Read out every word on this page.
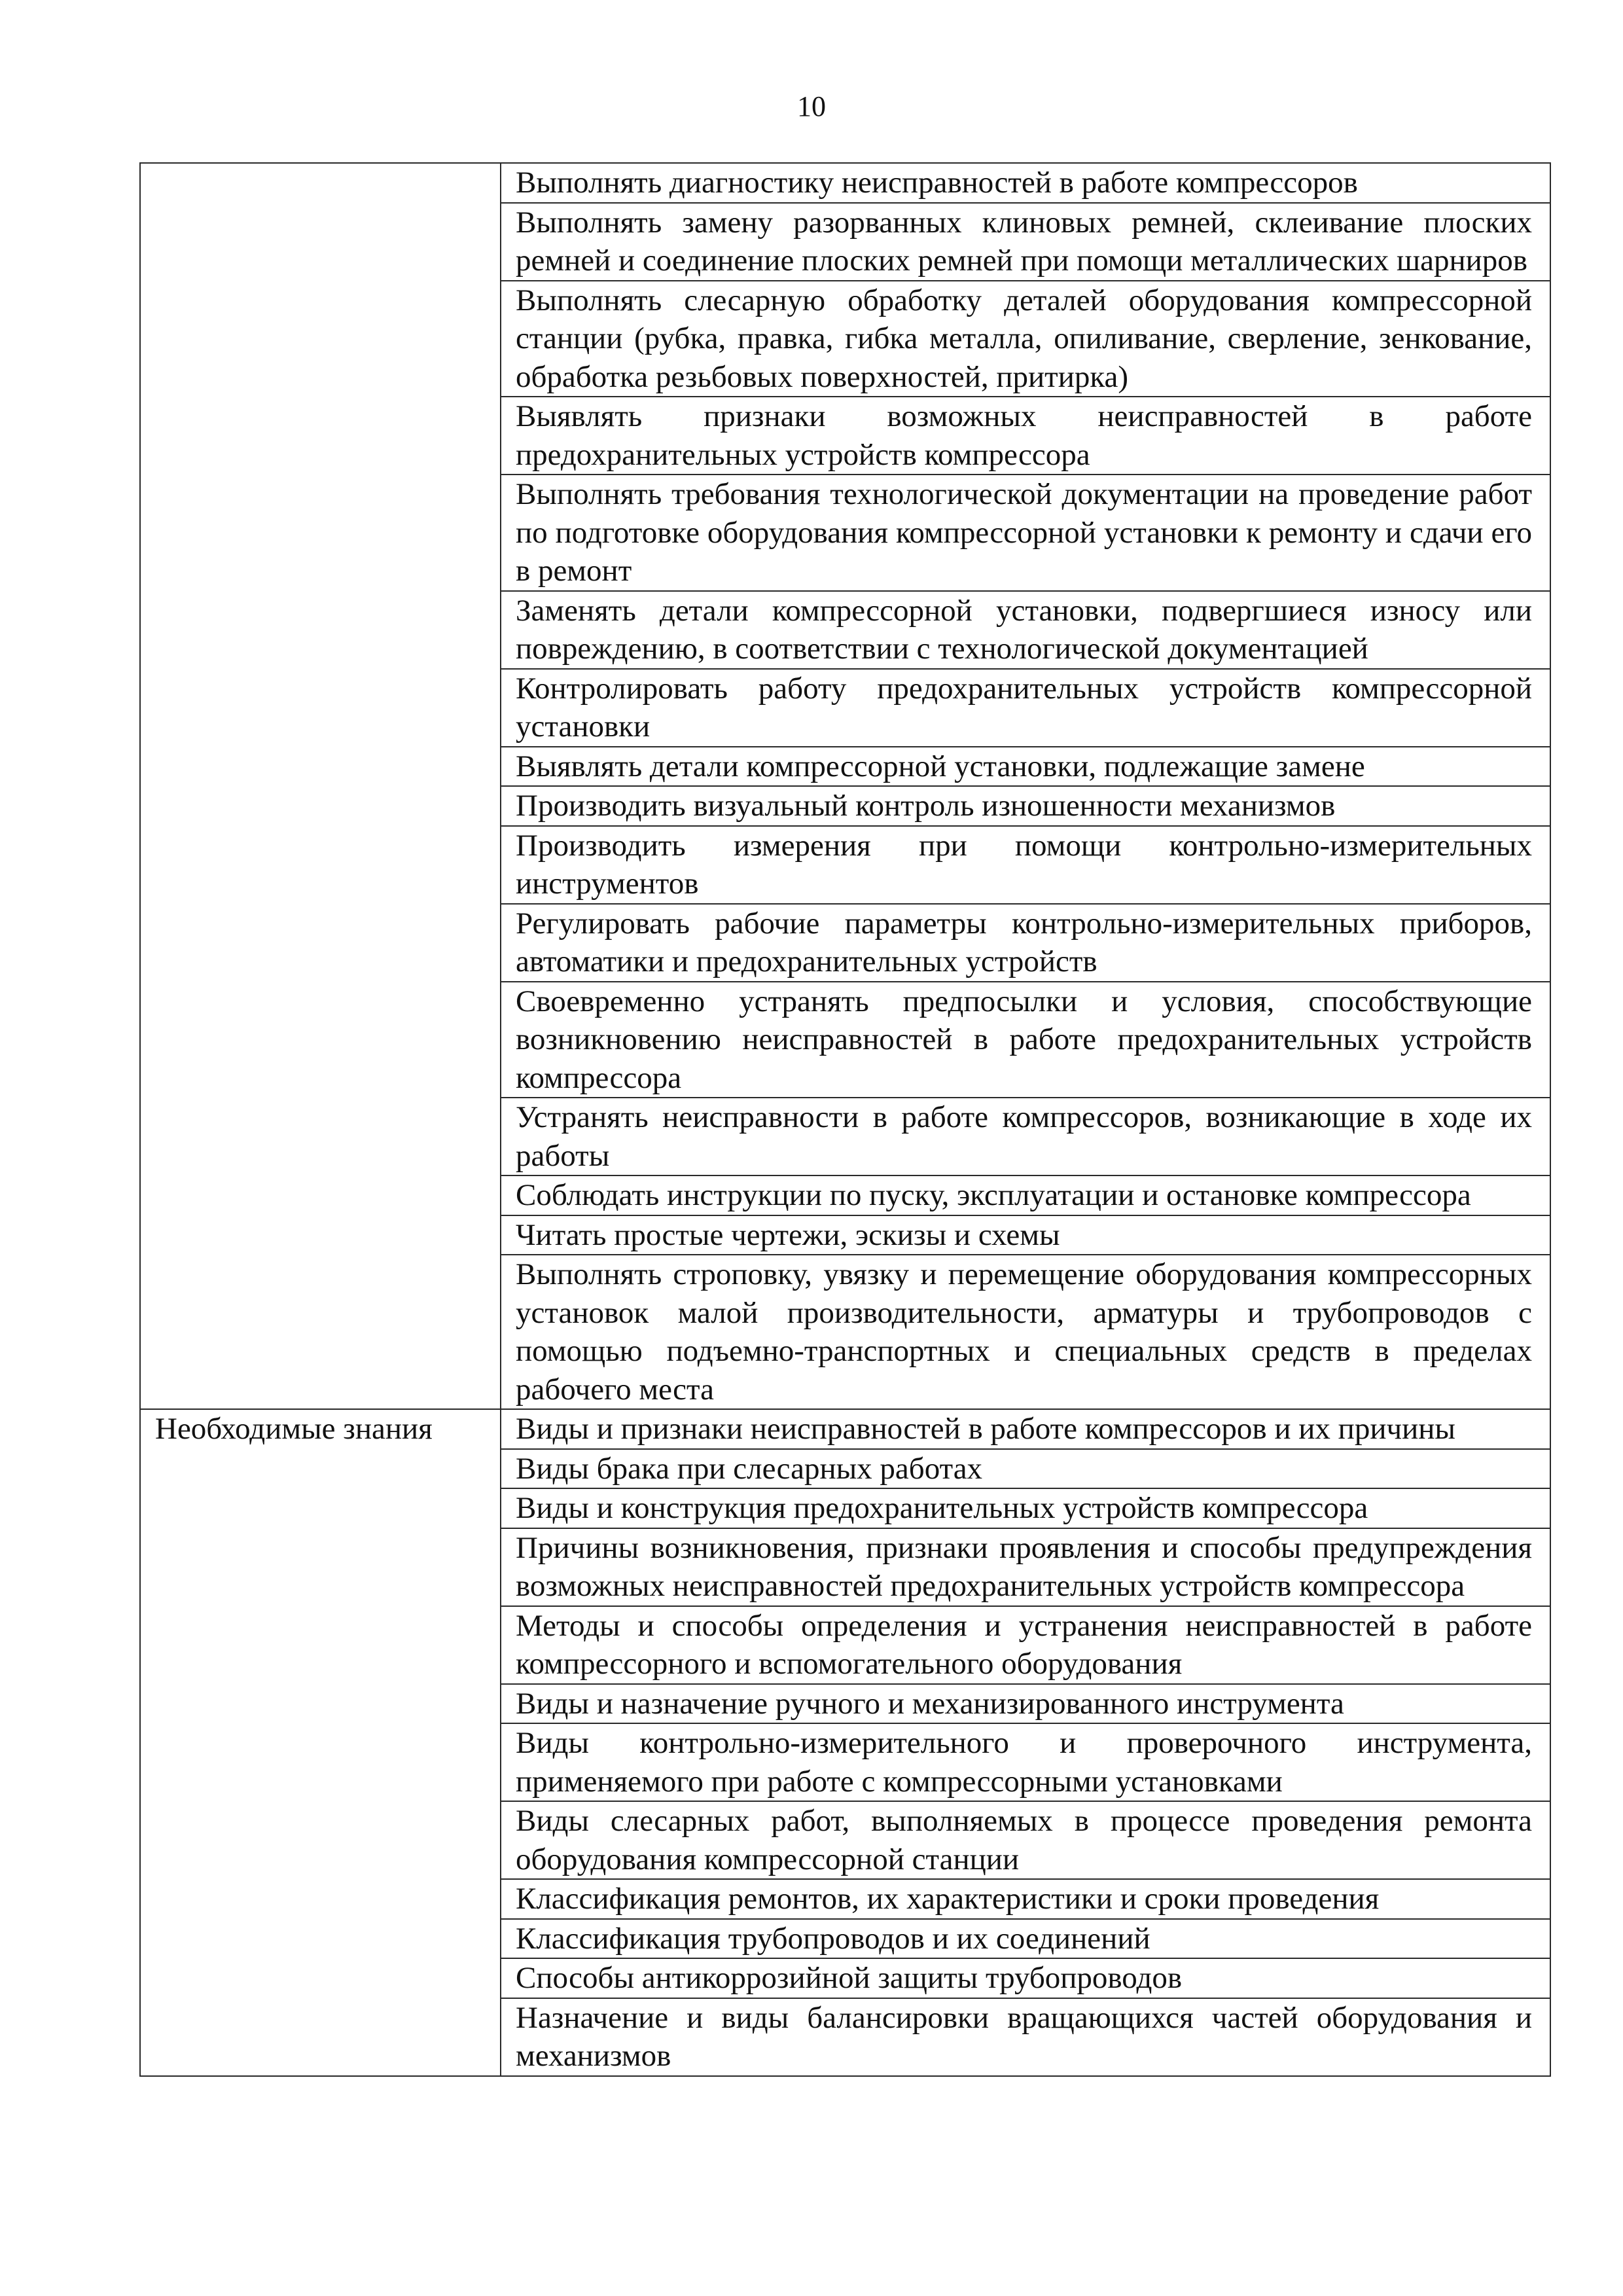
10
	Выполнять диагностику неисправностей в работе компрессоров
	Выполнять замену разорванных клиновых ремней, склеивание плоских ремней и соединение плоских ремней при помощи металлических шарниров
	Выполнять слесарную обработку деталей оборудования компрессорной станции (рубка, правка, гибка металла, опиливание, сверление, зенкование, обработка резьбовых поверхностей, притирка)
	Выявлять признаки возможных неисправностей в работе предохранительных устройств компрессора
	Выполнять требования технологической документации на проведение работ по подготовке оборудования компрессорной установки к ремонту и сдачи его в ремонт
	Заменять детали компрессорной установки, подвергшиеся износу или повреждению, в соответствии с технологической документацией
	Контролировать работу предохранительных устройств компрессорной установки
	Выявлять детали компрессорной установки, подлежащие замене
	Производить визуальный контроль изношенности механизмов
	Производить измерения при помощи контрольно-измерительных инструментов
	Регулировать рабочие параметры контрольно-измерительных приборов, автоматики и предохранительных устройств
	Своевременно устранять предпосылки и условия, способствующие возникновению неисправностей в работе предохранительных устройств компрессора
	Устранять неисправности в работе компрессоров, возникающие в ходе их работы
	Соблюдать инструкции по пуску, эксплуатации и остановке компрессора
	Читать простые чертежи, эскизы и схемы
	Выполнять строповку, увязку и перемещение оборудования компрессорных установок малой производительности, арматуры и трубопроводов с помощью подъемно-транспортных и специальных средств в пределах рабочего места
Необходимые знания	Виды и признаки неисправностей в работе компрессоров и их причины
	Виды брака при слесарных работах
	Виды и конструкция предохранительных устройств компрессора
	Причины возникновения, признаки проявления и способы предупреждения возможных неисправностей предохранительных устройств компрессора
	Методы и способы определения и устранения неисправностей в работе компрессорного и вспомогательного оборудования
	Виды и назначение ручного и механизированного инструмента
	Виды контрольно-измерительного и проверочного инструмента, применяемого при работе с компрессорными установками
	Виды слесарных работ, выполняемых в процессе проведения ремонта оборудования компрессорной станции
	Классификация ремонтов, их характеристики и сроки проведения
	Классификация трубопроводов и их соединений
	Способы антикоррозийной защиты трубопроводов
	Назначение и виды балансировки вращающихся частей оборудования и механизмов
